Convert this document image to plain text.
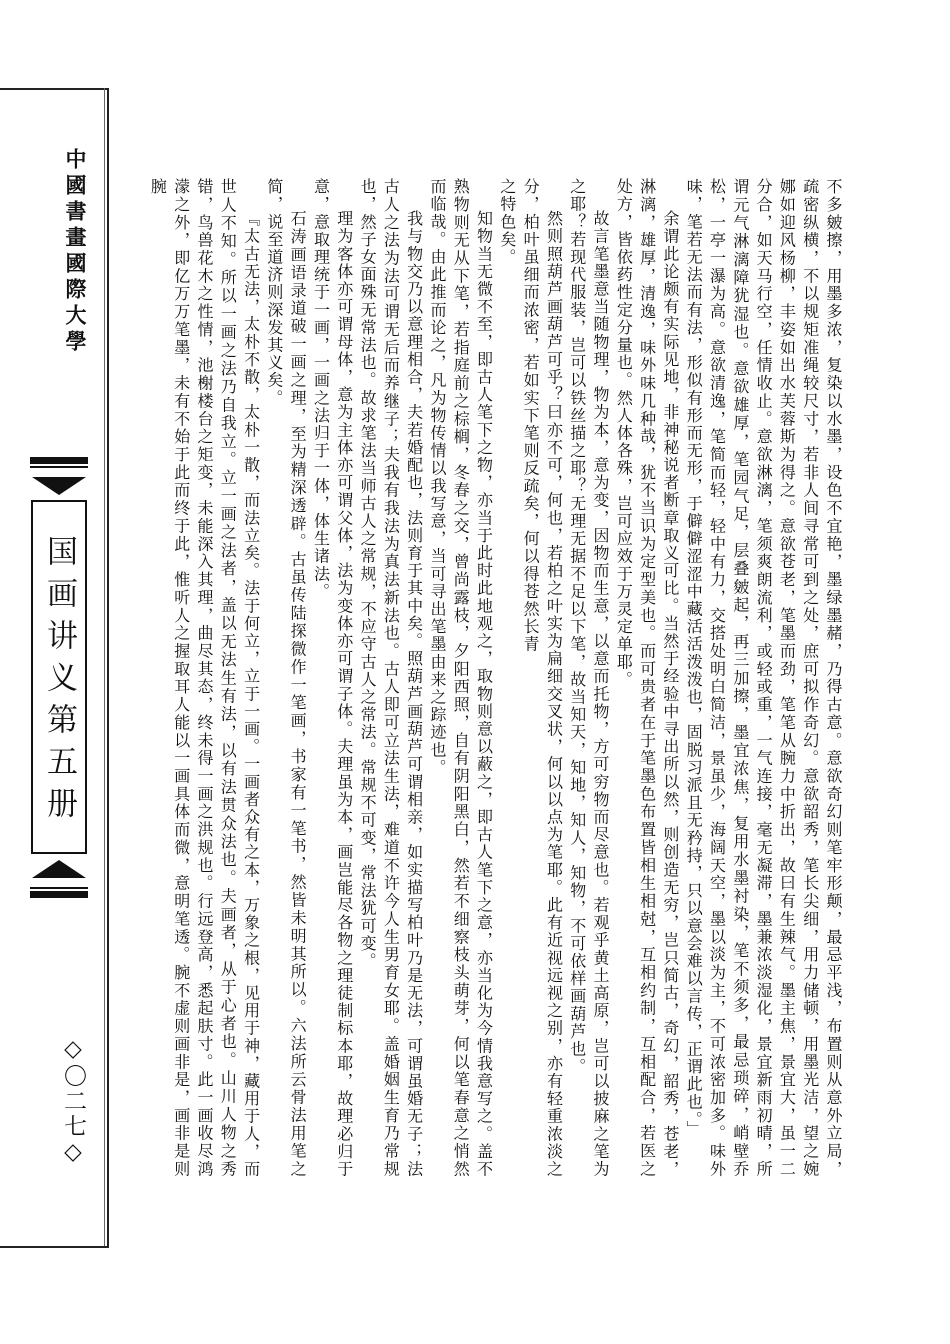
中國書畫國際大學
国画讲义第五册
◇〇二七◇	不多皴擦，用墨多浓，复染以水墨，设色不宜艳，墨绿墨赭，乃得古意。意欲奇幻则笔牢形颠，最忌平浅，布置则从意外立局，疏密纵横，不以规矩准绳较尺寸，若非人间寻常可到之处，庶可拟作奇幻。意欲韶秀，笔长尖细，用力储顿，用墨光洁，望之婉娜如迎风杨柳，丰姿如出水芙蓉斯为得之。意欲苍老，笔墨而劲，笔笔从腕力中折出，故曰有生辣气。墨主焦，景宜大，虽一二分合，如天马行空，任情收止。意欲淋漓，笔须爽朗流利，或轻或重，一气连接，毫无凝滞，墨兼浓淡湿化，景宜新雨初晴，所谓元气淋漓障犹湿也。意欲雄厚，笔园气足，层叠皴起，再三加擦，墨宜浓焦，复用水墨衬染，笔不须多，最忌琐碎，峭壁乔松，一亭一瀑为高。意欲清逸，笔简而轻，轻中有力，交搭处明白简洁，景虽少，海阔天空，墨以淡为主，不可浓密加多。味外味，笔若无法而有法，形似有形而无形，于僻僻涩涩中藏活活泼泼也，固脱习派且无矜持，只以意会难以言传，正谓此也。」

余谓此论颇有实际见地，非神秘说者断章取义可比。当然于经验中寻出所以然，则创造无穷，岂只简古，奇幻，韶秀，苍老，淋漓，雄厚，清逸，味外味几种哉，犹不当识为定型美也。而可贵者在于笔墨色布置皆相生相尅，互相约制，互相配合，若医之处方，皆依药性定分量也。然人体各殊，岂可应效于万灵定单耶。

故言笔墨意当随物理，物为本，意为变，因物而生意，以意而托物，方可穷物而尽意也。若观乎黄土高原，岂可以披麻之笔为之耶？若现代服装，岂可以铁丝描之耶？无理无据不足以下笔，故当知天，知地，知人，知物，不可依样画葫芦也。

然则照葫芦画葫芦可乎？曰亦不可，何也，若柏之叶实为扁细交叉状，何以以点为笔耶。此有近视远视之别，亦有轻重浓淡之分，柏叶虽细而浓密，若如实下笔则反疏矣，何以得苍然长青

之特色矣。

知物当无微不至，即古人笔下之物，亦当于此时此地观之，取物则意以蔽之，即古人笔下之意，亦当化为今情我意写之。盖不熟物则无从下笔，若指庭前之棕榈，冬春之交，曾尚露枝，夕阳西照，自有阴阳黑白，然若不细察枝头萌芽，何以笔春意之悄然而临哉。由此推而论之，凡为物传情以我写意，当可寻出笔墨由来之踪迹也。

我与物交乃以意理相合，夫若婚配也，法则育于其中矣。照葫芦画葫芦可谓相亲，如实描写柏叶乃是无法，可谓虽婚无子；法古人之法为法可谓无后而养继子；夫我有我法为真法新法也。古人即可立法生法，难道不许今人生男育女耶。盖婚姻生育乃常规也，然子女面殊无常法也。故求笔法当师古人之常规，不应守古人之常法。常规不可变，常法犹可变。

理为客体亦可谓母体，意为主体亦可谓父体，法为变体亦可谓子体。夫理虽为本，画岂能尽各物之理徒制标本耶，故理必归于意，意取理统于一画，一画之法归于一体，体生诸法。

石涛画语录道破一画之理，至为精深透辟。古虽传陆探微作一笔画，书家有一笔书，然皆未明其所以。六法所云骨法用笔之简，说至道济则深发其义矣。

『太古无法，太朴不散，太朴一散，而法立矣。法于何立，立于一画。一画者众有之本，万象之根，见用于神，藏用于人，而世人不知。所以一画之法乃自我立。立一画之法者，盖以无法生有法，以有法贯众法也。夫画者，从于心者也。山川人物之秀错，鸟兽花木之性情，池榭楼台之矩变，未能深入其理，曲尽其态，终未得一画之洪规也。行远登高，悉起肤寸。此一画收尽鸿濛之外，即亿万万笔墨，未有不始于此而终于此，惟听人之握取耳人能以一画具体而微，意明笔透。腕不虚则画非是，画非是则腕
